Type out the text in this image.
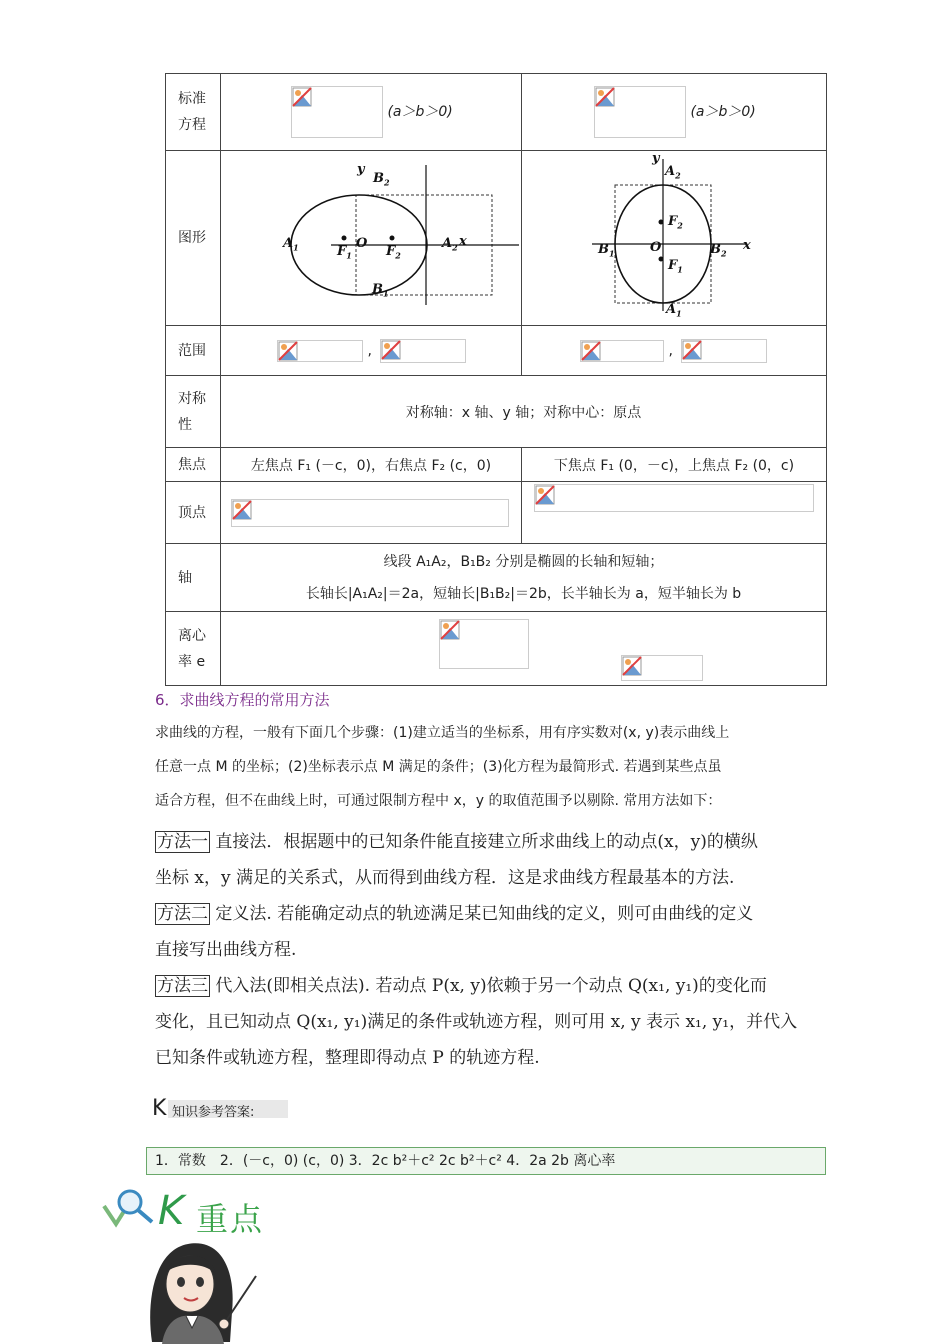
标准
方程	(a＞b＞0)	(a＞b＞0)
图形	

范围	,	,

对称
性	对称轴：x 轴、y 轴；对称中心：原点	
焦点	左焦点 F₁ (－c，0)，右焦点 F₂ (c，0)	下焦点 F₁ (0，－c)，上焦点 F₂ (0，c)
顶点	

轴	线段 A₁A₂，B₁B₂ 分别是椭圆的长轴和短轴；
长轴长|A₁A₂|＝2a，短轴长|B₁B₂|＝2b，长半轴长为 a，短半轴长为 b	

离心
率 e	

y
$B_2$
$A_1$	O
$F_1$	$F_2$
$A_2$ x
$B_1$
y
$A_2$
$F_2$
$B_1$	O	$B_2$
x
$F_1$
$A_1$
6．求曲线方程的常用方法
求曲线的方程，一般有下面几个步骤：(1)建立适当的坐标系，用有序实数对(x, y)表示曲线上
任意一点 M 的坐标；(2)坐标表示点 M 满足的条件；(3)化方程为最简形式. 若遇到某些点虽
适合方程，但不在曲线上时，可通过限制方程中 x，y 的取值范围予以剔除. 常用方法如下：
方法一 直接法．根据题中的已知条件能直接建立所求曲线上的动点(x，y)的横纵
坐标 x，y 满足的关系式，从而得到曲线方程．这是求曲线方程最基本的方法.
方法二 定义法. 若能确定动点的轨迹满足某已知曲线的定义，则可由曲线的定义
直接写出曲线方程.
方法三 代入法(即相关点法). 若动点 P(x, y)依赖于另一个动点 Q(x₁, y₁)的变化而
变化，且已知动点 Q(x₁, y₁)满足的条件或轨迹方程，则可用 x, y 表示 x₁, y₁，并代入
已知条件或轨迹方程，整理即得动点 P 的轨迹方程.
K 知识参考答案:
1．常数　2．(－c，0) (c，0) 3．2c b²＋c² 2c b²＋c² 4．2a 2b 离心率
K 重点
